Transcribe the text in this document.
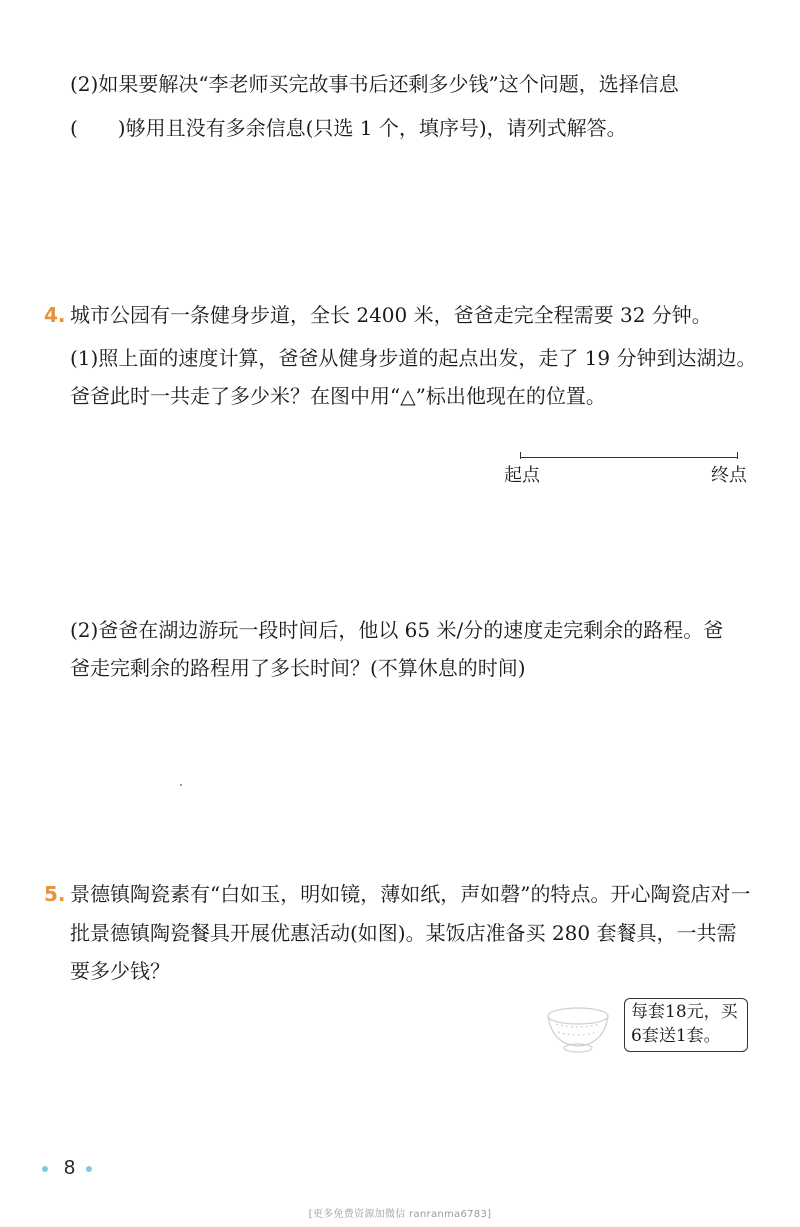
(2)如果要解决“李老师买完故事书后还剩多少钱”这个问题，选择信息
(　　)够用且没有多余信息(只选 1 个，填序号)，请列式解答。
4. 城市公园有一条健身步道，全长 2400 米，爸爸走完全程需要 32 分钟。
(1)照上面的速度计算，爸爸从健身步道的起点出发，走了 19 分钟到达湖边。
爸爸此时一共走了多少米？在图中用“△”标出他现在的位置。
起点	终点
(2)爸爸在湖边游玩一段时间后，他以 65 米/分的速度走完剩余的路程。爸
爸走完剩余的路程用了多长时间？(不算休息的时间)
5. 景德镇陶瓷素有“白如玉，明如镜，薄如纸，声如磬”的特点。开心陶瓷店对一
批景德镇陶瓷餐具开展优惠活动(如图)。某饭店准备买 280 套餐具，一共需
要多少钱？
每套18元，买
6套送1套。
8
[更多免费资源加微信 ranranma6783]
